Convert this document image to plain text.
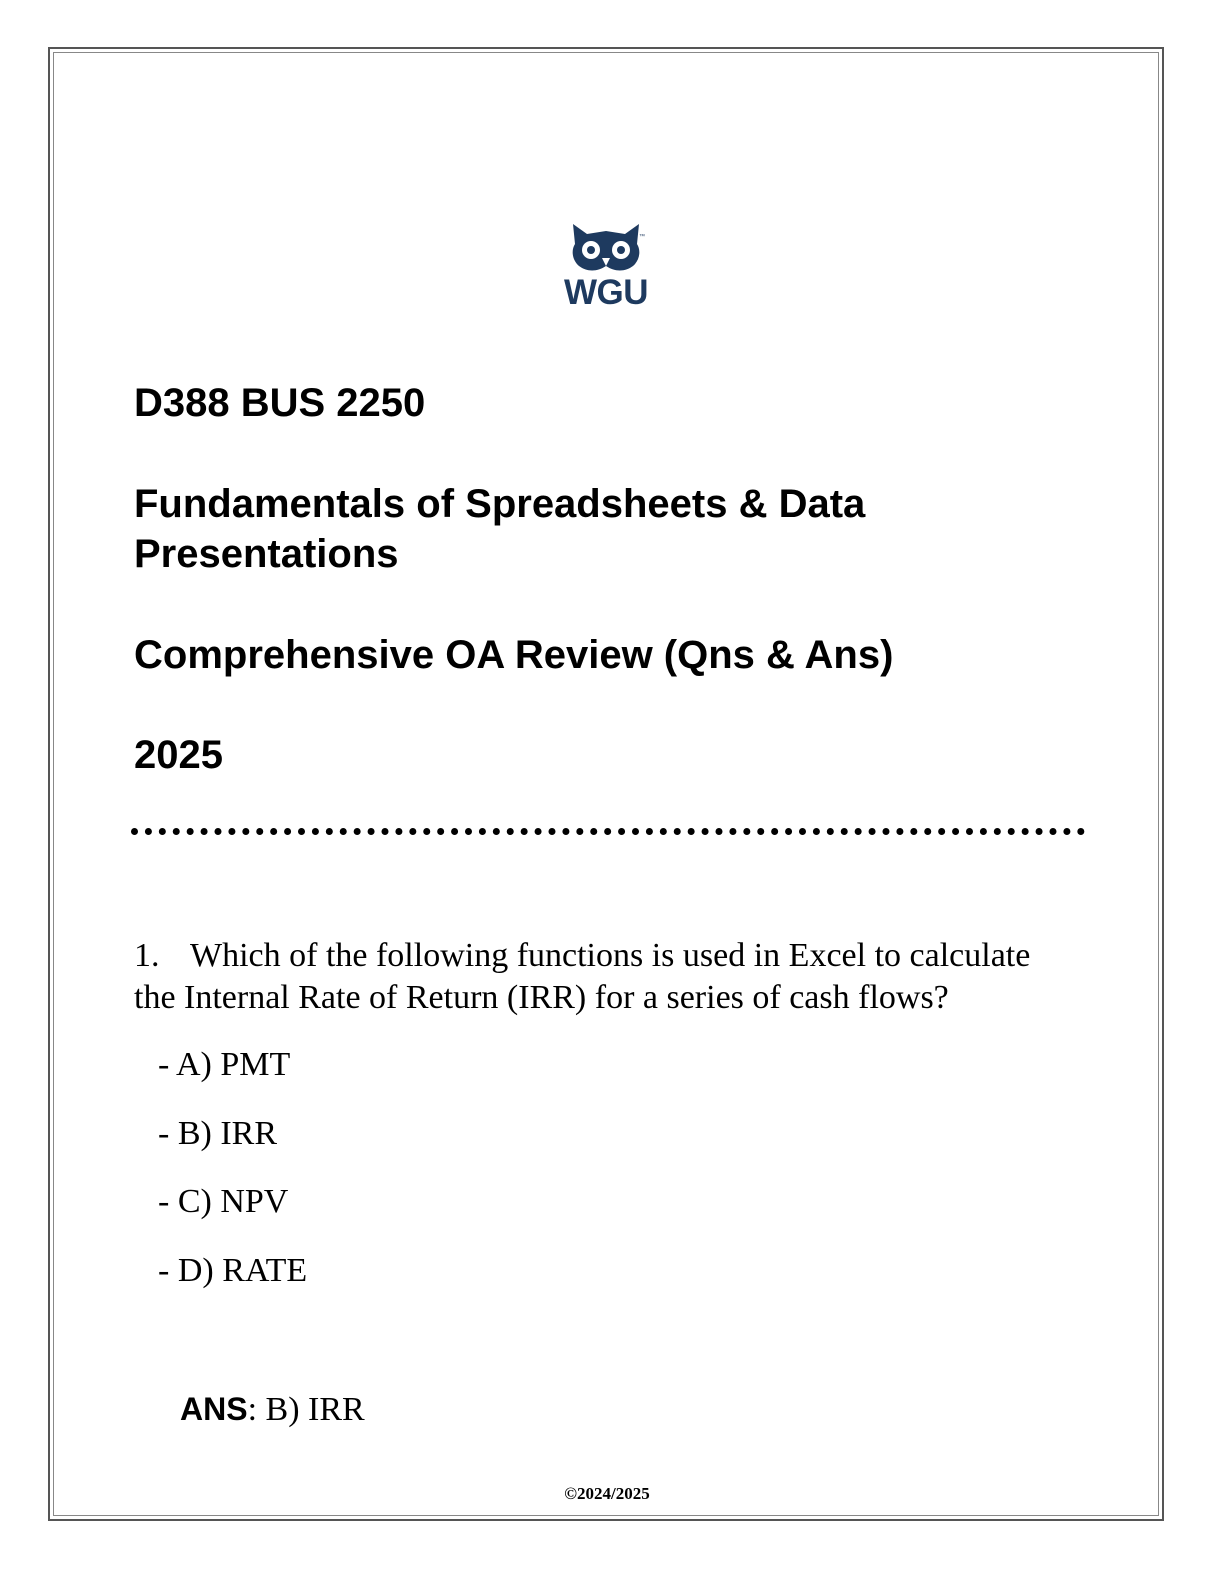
™
WGU
D388 BUS 2250
Fundamentals of Spreadsheets & Data
Presentations
Comprehensive OA Review (Qns & Ans)
2025

1. Which of the following functions is used in Excel to calculate
the Internal Rate of Return (IRR) for a series of cash flows?

- A) PMT
- B) IRR
- C) NPV
- D) RATE
ANS: B) IRR
©2024/2025
